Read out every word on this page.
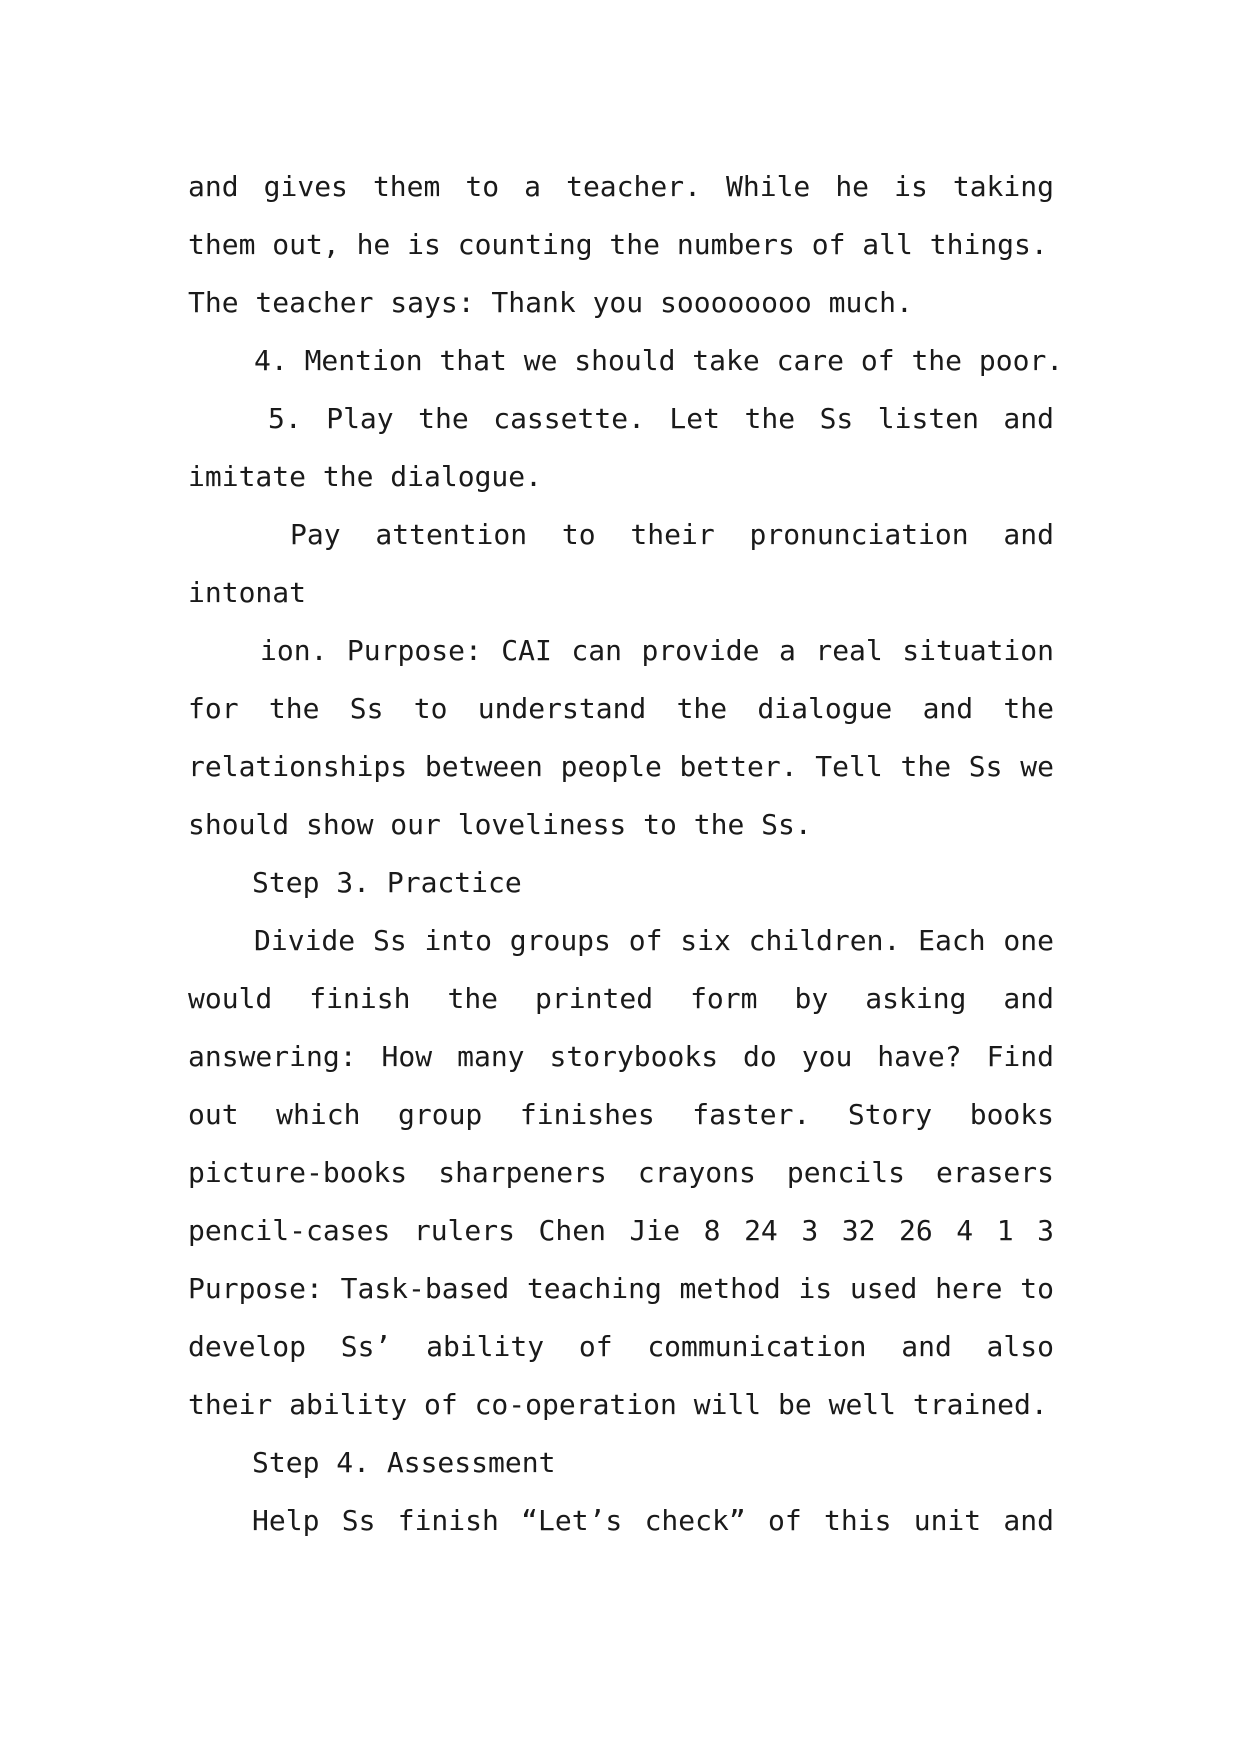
and gives them to a teacher. While he is taking
them out, he is counting the numbers of all things.
The teacher says: Thank you soooooooo much.
4. Mention that we should take care of the poor.
5. Play the cassette. Let the Ss listen and
imitate the dialogue.
Pay attention to their pronunciation and
intonat
ion. Purpose: CAI can provide a real situation
for the Ss to understand the dialogue and the
relationships between people better. Tell the Ss we
should show our loveliness to the Ss.
Step 3. Practice
Divide Ss into groups of six children. Each one
would finish the printed form by asking and
answering: How many storybooks do you have? Find
out which group finishes faster. Story books
picture-books sharpeners crayons pencils erasers
pencil-cases rulers Chen Jie 8 24 3 32 26 4 1 3
Purpose: Task-based teaching method is used here to
develop Ss’ ability of communication and also
their ability of co-operation will be well trained.
Step 4. Assessment
Help Ss finish “Let’s check” of this unit and
